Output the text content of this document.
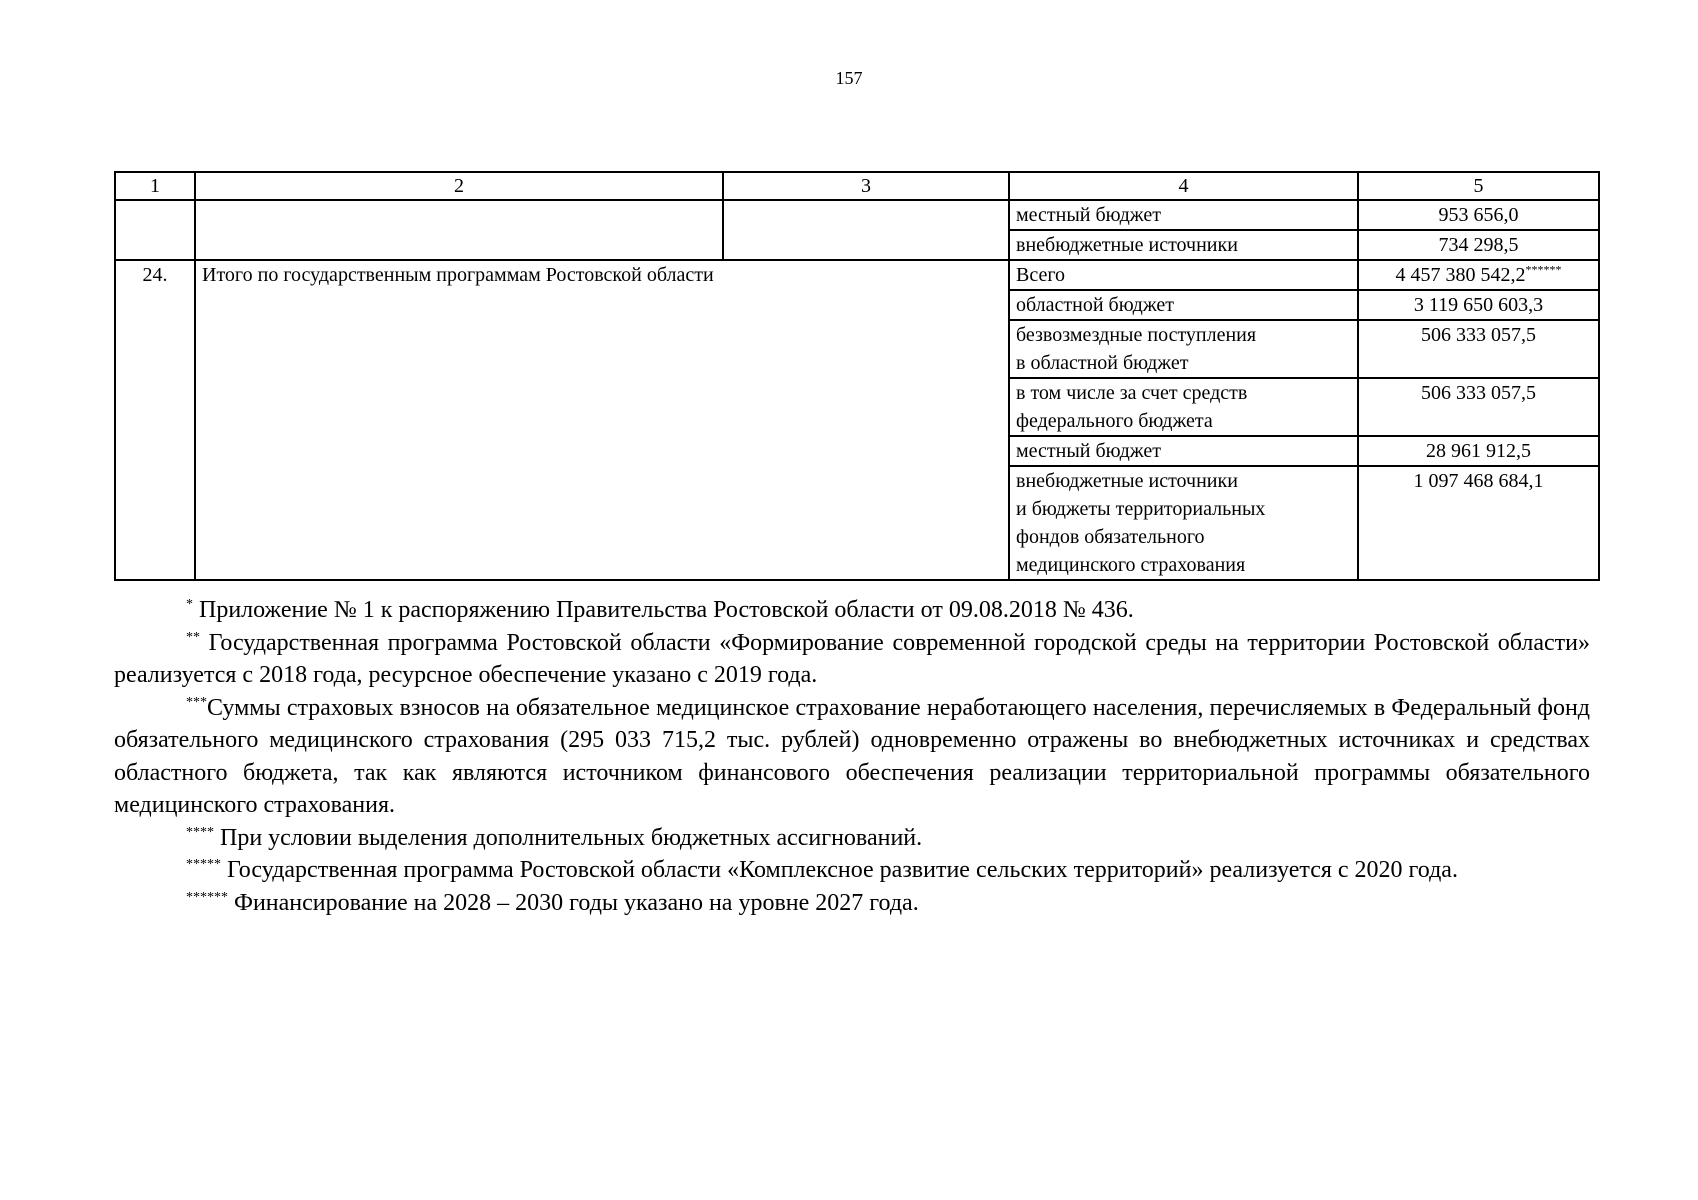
157
1	2	3	4	5
			местный бюджет	953 656,0
			внебюджетные источники	734 298,5
24.	Итого по государственным программам Ростовской области		Всего	4 457 380 542,2******
			областной бюджет	3 119 650 603,3
			безвозмездные поступления
в областной бюджет	506 333 057,5
			в том числе за счет средств
федерального бюджета	506 333 057,5
			местный бюджет	28 961 912,5
			внебюджетные источники
и бюджеты территориальных
фондов обязательного
медицинского страхования	1 097 468 684,1

* Приложение № 1 к распоряжению Правительства Ростовской области от 09.08.2018 № 436.

** Государственная программа Ростовской области «Формирование современной городской среды на территории Ростовской области» реализуется с 2018 года, ресурсное обеспечение указано с 2019 года.

***Суммы страховых взносов на обязательное медицинское страхование неработающего населения, перечисляемых в Федеральный фонд обязательного медицинского страхования (295 033 715,2 тыс. рублей) одновременно отражены во внебюджетных источниках и средствах областного бюджета, так как являются источником финансового обеспечения реализации территориальной программы обязательного медицинского страхования.

**** При условии выделения дополнительных бюджетных ассигнований.

***** Государственная программа Ростовской области «Комплексное развитие сельских территорий» реализуется с 2020 года.

****** Финансирование на 2028 – 2030 годы указано на уровне 2027 года.
